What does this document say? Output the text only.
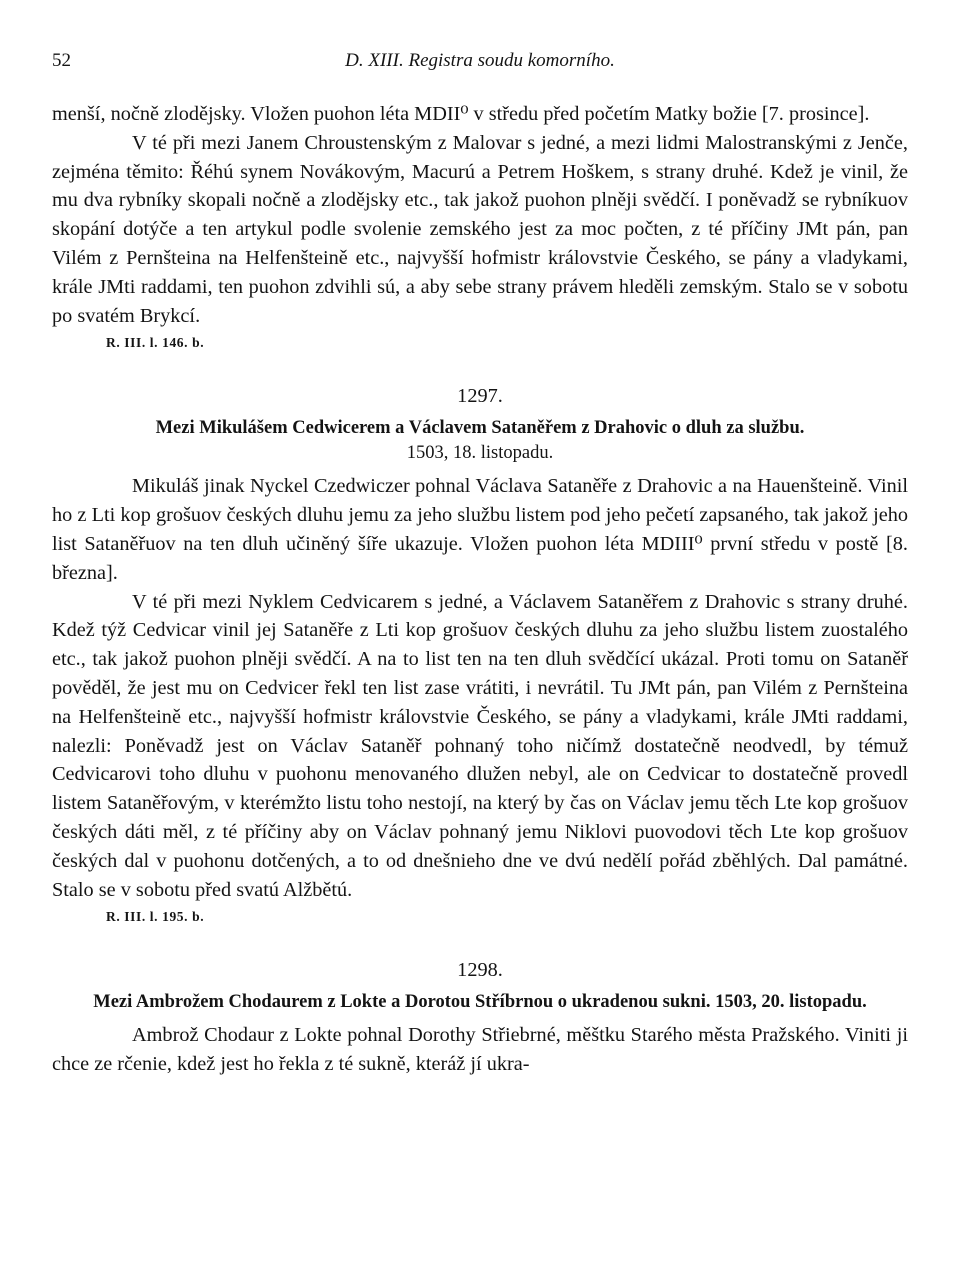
52	D. XIII. Registra soudu komorního.

menší, nočně zlodějsky. Vložen puohon léta MDII⁰ v středu před početím Matky božie [7. prosince].

V té při mezi Janem Chroustenským z Malovar s jedné, a mezi lidmi Malostranskými z Jenče, zejména těmito: Řéhú synem Novákovým, Macurú a Petrem Hoškem, s strany druhé. Kdež je vinil, že mu dva rybníky skopali nočně a zlodějsky etc., tak jakož puohon plněji svědčí. I poněvadž se rybníkuov skopání dotýče a ten artykul podle svolenie zemského jest za moc počten, z té příčiny JMt pán, pan Vilém z Pernšteina na Helfenšteině etc., najvyšší hofmistr královstvie Českého, se pány a vladykami, krále JMti raddami, ten puohon zdvihli sú, a aby sebe strany právem hleděli zemským. Stalo se v sobotu po svatém Brykcí.

R. III. l. 146. b.
1297.
Mezi Mikulášem Cedwicerem a Václavem Sataněřem z Drahovic o dluh za službu.
1503, 18. listopadu.

Mikuláš jinak Nyckel Czedwiczer pohnal Václava Sataněře z Drahovic a na Hauenšteině. Vinil ho z Lti kop grošuov českých dluhu jemu za jeho službu listem pod jeho pečetí zapsaného, tak jakož jeho list Sataněřuov na ten dluh učiněný šíře ukazuje. Vložen puohon léta MDIII⁰ první středu v postě [8. března].

V té při mezi Nyklem Cedvicarem s jedné, a Václavem Sataněřem z Drahovic s strany druhé. Kdež týž Cedvicar vinil jej Sataněře z Lti kop grošuov českých dluhu za jeho službu listem zuostalého etc., tak jakož puohon plněji svědčí. A na to list ten na ten dluh svědčící ukázal. Proti tomu on Sataněř pověděl, že jest mu on Cedvicer řekl ten list zase vrátiti, i nevrátil. Tu JMt pán, pan Vilém z Pernšteina na Helfenšteině etc., najvyšší hofmistr královstvie Českého, se pány a vladykami, krále JMti raddami, nalezli: Poněvadž jest on Václav Sataněř pohnaný toho ničímž dostatečně neodvedl, by témuž Cedvicarovi toho dluhu v puohonu menovaného dlužen nebyl, ale on Cedvicar to dostatečně provedl listem Sataněřovým, v kterémžto listu toho nestojí, na který by čas on Václav jemu těch Lte kop grošuov českých dáti měl, z té příčiny aby on Václav pohnaný jemu Niklovi puovodovi těch Lte kop grošuov českých dal v puohonu dotčených, a to od dnešnieho dne ve dvú nedělí pořád zběhlých. Dal památné. Stalo se v sobotu před svatú Alžbětú.

R. III. l. 195. b.
1298.
Mezi Ambrožem Chodaurem z Lokte a Dorotou Stříbrnou o ukradenou sukni. 1503, 20. listopadu.

Ambrož Chodaur z Lokte pohnal Dorothy Střiebrné, měštku Starého města Pražského. Viniti ji chce ze rčenie, kdež jest ho řekla z té sukně, kteráž jí ukra-
